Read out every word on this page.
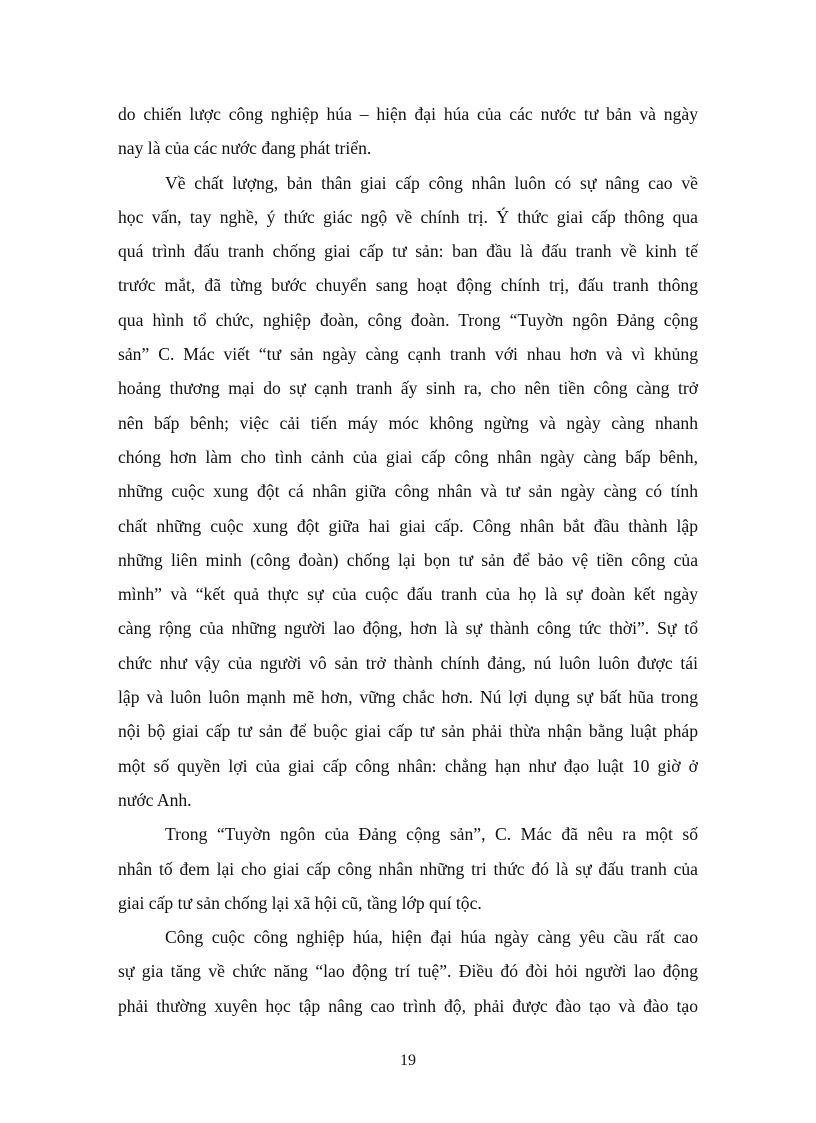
do chiến lược công nghiệp húa – hiện đại húa của các nước tư bản và ngày
nay là của các nước đang phát triển.
Về chất lượng, bản thân giai cấp công nhân luôn có sự nâng cao về
học vấn, tay nghề, ý thức giác ngộ về chính trị. Ý thức giai cấp thông qua
quá trình đấu tranh chống giai cấp tư sản: ban đầu là đấu tranh về kinh tế
trước mắt, đã từng bước chuyển sang hoạt động chính trị, đấu tranh thông
qua hình tổ chức, nghiệp đoàn, công đoàn. Trong “Tuyờn ngôn Đảng cộng
sản” C. Mác viết “tư sản ngày càng cạnh tranh với nhau hơn và vì khủng
hoảng thương mại do sự cạnh tranh ấy sinh ra, cho nên tiền công càng trở
nên bấp bênh; việc cải tiến máy móc không ngừng và ngày càng nhanh
chóng hơn làm cho tình cảnh của giai cấp công nhân ngày càng bấp bênh,
những cuộc xung đột cá nhân giữa công nhân và tư sản ngày càng có tính
chất những cuộc xung đột giữa hai giai cấp. Công nhân bắt đầu thành lập
những liên minh (công đoàn) chống lại bọn tư sản để bảo vệ tiền công của
mình” và “kết quả thực sự của cuộc đấu tranh của họ là sự đoàn kết ngày
càng rộng của những người lao động, hơn là sự thành công tức thời”. Sự tổ
chức như vậy của người vô sản trở thành chính đảng, nú luôn luôn được tái
lập và luôn luôn mạnh mẽ hơn, vững chắc hơn. Nú lợi dụng sự bất hũa trong
nội bộ giai cấp tư sản để buộc giai cấp tư sản phải thừa nhận bằng luật pháp
một số quyền lợi của giai cấp công nhân: chẳng hạn như đạo luật 10 giờ ở
nước Anh.
Trong “Tuyờn ngôn của Đảng cộng sản”, C. Mác đã nêu ra một số
nhân tố đem lại cho giai cấp công nhân những tri thức đó là sự đấu tranh của
giai cấp tư sản chống lại xã hội cũ, tầng lớp quí tộc.
Công cuộc công nghiệp húa, hiện đại húa ngày càng yêu cầu rất cao
sự gia tăng về chức năng “lao động trí tuệ”. Điều đó đòi hỏi người lao động
phải thường xuyên học tập nâng cao trình độ, phải được đào tạo và đào tạo
19
